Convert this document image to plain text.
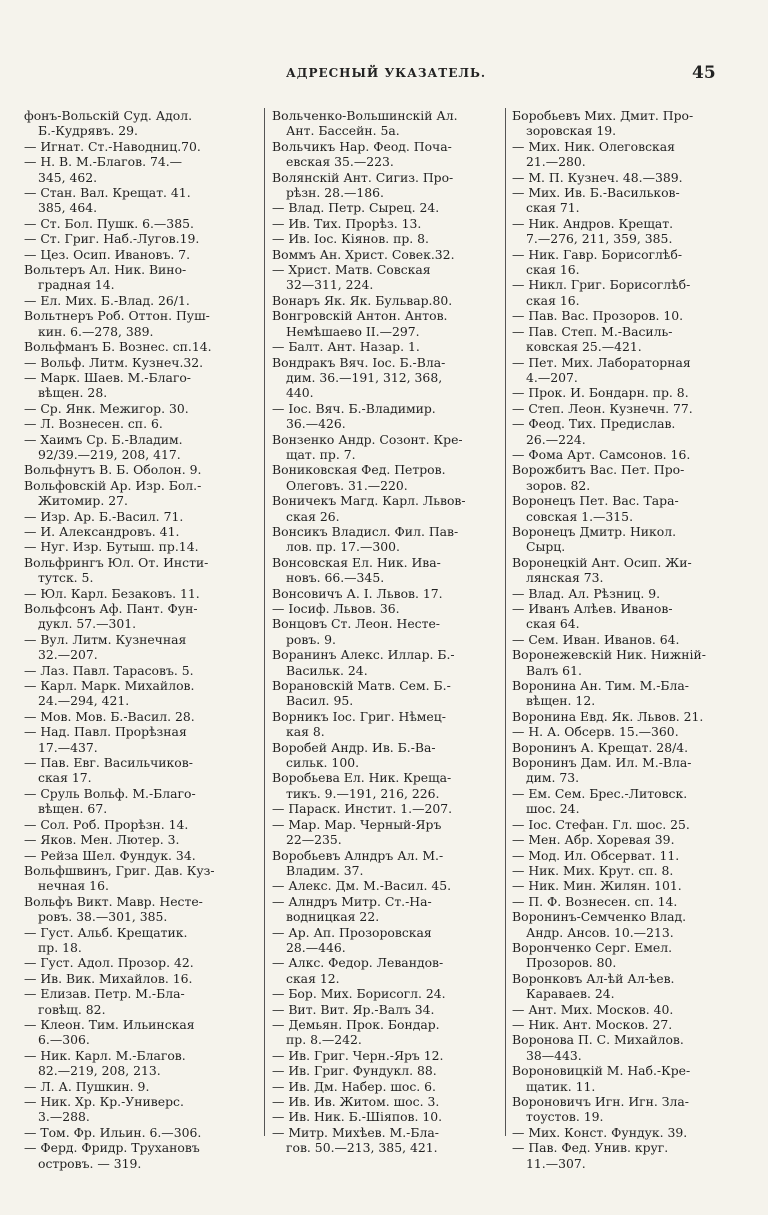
АДРЕСНЫЙ УКАЗАТЕЛЬ.	45

фонъ-Вольскій Суд. Адол.

Б.-Кудрявъ. 29.

— Игнат. Ст.-Наводниц.70.

— Н. В. М.-Благов. 74.—

345, 462.

— Стан. Вал. Крещат. 41.

385, 464.

— Ст. Бол. Пушк. 6.—385.

— Ст. Григ. Наб.-Лугов.19.

— Цез. Осип. Ивановъ. 7.

Вольтеръ Ал. Ник. Вино-

градная 14.

— Ел. Мих. Б.-Влад. 26/1.

Вольтнеръ Роб. Оттон. Пуш-

кин. 6.—278, 389.

Вольфманъ Б. Вознес. сп.14.

— Вольф. Литм. Кузнеч.32.

— Марк. Шаев. М.-Благо-

вѣщен. 28.

— Ср. Янк. Межигор. 30.

— Л. Вознесен. сп. 6.

— Хаимъ Ср. Б.-Владим.

92/39.—219, 208, 417.

Вольфнутъ В. Б. Оболон. 9.

Вольфовскій Ар. Изр. Бол.-

Житомир. 27.

— Изр. Ар. Б.-Васил. 71.

— И. Александровъ. 41.

— Нуг. Изр. Бутыш. пр.14.

Вольфрингъ Юл. От. Инсти-

тутск. 5.

— Юл. Карл. Безаковъ. 11.

Вольфсонъ Аф. Пант. Фун-

дукл. 57.—301.

— Вул. Литм. Кузнечная

32.—207.

— Лаз. Павл. Тарасовъ. 5.

— Карл. Марк. Михайлов.

24.—294, 421.

— Мов. Мов. Б.-Васил. 28.

— Над. Павл. Прорѣзная

17.—437.

— Пав. Евг. Васильчиков-

ская 17.

— Сруль Вольф. М.-Благо-

вѣщен. 67.

— Сол. Роб. Прорѣзн. 14.

— Яков. Мен. Лютер. 3.

— Рейза Шел. Фундук. 34.

Вольфшвинъ, Григ. Дав. Куз-

нечная 16.

Вольфъ Викт. Мавр. Несте-

ровъ. 38.—301, 385.

— Густ. Альб. Крещатик.

пр. 18.

— Густ. Адол. Прозор. 42.

— Ив. Вик. Михайлов. 16.

— Елизав. Петр. М.-Бла-

говѣщ. 82.

— Клеон. Тим. Ильинская

6.—306.

— Ник. Карл. М.-Благов.

82.—219, 208, 213.

— Л. А. Пушкин. 9.

— Ник. Хр. Кр.-Универс.

3.—288.

— Том. Фр. Ильин. 6.—306.

— Ферд. Фридр. Трухановъ

островъ. — 319.

Вольченко-Вольшинскій Ал.

Ант. Бассейн. 5а.

Вольчикъ Нар. Феод. Поча-

евская 35.—223.

Волянскій Ант. Сигиз. Про-

рѣзн. 28.—186.

— Влад. Петр. Сырец. 24.

— Ив. Тих. Прорѣз. 13.

— Ив. Іос. Кіянов. пр. 8.

Воммъ Ан. Христ. Совек.32.

— Христ. Матв. Совская

32—311, 224.

Вонаръ Як. Як. Бульвар.80.

Вонгровскій Антон. Антов.

Немѣшаево II.—297.

— Балт. Ант. Назар. 1.

Вондракъ Вяч. Іос. Б.-Вла-

дим. 36.—191, 312, 368,

440.

— Іос. Вяч. Б.-Владимир.

36.—426.

Вонзенко Андр. Созонт. Кре-

щат. пр. 7.

Вониковская Фед. Петров.

Олеговъ. 31.—220.

Воничекъ Магд. Карл. Львов-

ская 26.

Вонсикъ Владисл. Фил. Пав-

лов. пр. 17.—300.

Вонсовская Ел. Ник. Ива-

новъ. 66.—345.

Вонсовичъ А. І. Львов. 17.

— Іосиф. Львов. 36.

Вонцовъ Ст. Леон. Несте-

ровъ. 9.

Воранинъ Алекс. Иллар. Б.-

Васильк. 24.

Ворановскій Матв. Сем. Б.-

Васил. 95.

Ворникъ Іос. Григ. Нѣмец-

кая 8.

Воробей Андр. Ив. Б.-Ва-

сильк. 100.

Воробьева Ел. Ник. Креща-

тикъ. 9.—191, 216, 226.

— Параск. Инстит. 1.—207.

— Мар. Мар. Черный-Яръ

22—235.

Воробьевъ Алндръ Ал. М.-

Владим. 37.

— Алекс. Дм. М.-Васил. 45.

— Алндръ Митр. Ст.-На-

водницкая 22.

— Ар. Ап. Прозоровская

28.—446.

— Алкс. Федор. Левандов-

ская 12.

— Бор. Мих. Борисогл. 24.

— Вит. Вит. Яр.-Валъ 34.

— Демьян. Прок. Бондар.

пр. 8.—242.

— Ив. Григ. Черн.-Яръ 12.

— Ив. Григ. Фундукл. 88.

— Ив. Дм. Набер. шос. 6.

— Ив. Ив. Житом. шос. 3.

— Ив. Ник. Б.-Шіяпов. 10.

— Митр. Михѣев. М.-Бла-

гов. 50.—213, 385, 421.

Боробьевъ Мих. Дмит. Про-

зоровская 19.

— Мих. Ник. Олеговская

21.—280.

— М. П. Кузнеч. 48.—389.

— Мих. Ив. Б.-Васильков-

ская 71.

— Ник. Андров. Крещат.

7.—276, 211, 359, 385.

— Ник. Гавр. Борисоглѣб-

ская 16.

— Никл. Григ. Борисоглѣб-

ская 16.

— Пав. Вас. Прозоров. 10.

— Пав. Степ. М.-Василь-

ковская 25.—421.

— Пет. Мих. Лабораторная

4.—207.

— Прок. И. Бондарн. пр. 8.

— Степ. Леон. Кузнечн. 77.

— Феод. Тих. Предислав.

26.—224.

— Фома Арт. Самсонов. 16.

Ворожбитъ Вас. Пет. Про-

зоров. 82.

Воронецъ Пет. Вас. Тара-

совская 1.—315.

Воронецъ Дмитр. Никол.

Сырц.

Воронецкій Ант. Осип. Жи-

лянская 73.

— Влад. Ал. Рѣзниц. 9.

— Иванъ Алѣев. Иванов-

ская 64.

— Сем. Иван. Иванов. 64.

Воронежевскій Ник. Нижній-

Валъ 61.

Воронина Ан. Тим. М.-Бла-

вѣщен. 12.

Воронина Евд. Як. Львов. 21.

— Н. А. Обсерв. 15.—360.

Воронинъ А. Крещат. 28/4.

Воронинъ Дам. Ил. М.-Вла-

дим. 73.

— Ем. Сем. Брес.-Литовск.

шос. 24.

— Іос. Стефан. Гл. шос. 25.

— Мен. Абр. Хоревая 39.

— Мод. Ил. Обсерват. 11.

— Ник. Мих. Крут. сп. 8.

— Ник. Мин. Жилян. 101.

— П. Ф. Вознесен. сп. 14.

Воронинъ-Семченко Влад.

Андр. Ансов. 10.—213.

Воронченко Серг. Емел.

Прозоров. 80.

Воронковъ Ал-ѣй Ал-ѣев.

Караваев. 24.

— Ант. Мих. Москов. 40.

— Ник. Ант. Москов. 27.

Воронова П. С. Михайлов.

38—443.

Вороновицкій М. Наб.-Кре-

щатик. 11.

Вороновичъ Игн. Игн. Зла-

тоустов. 19.

— Мих. Конст. Фундук. 39.

— Пав. Фед. Унив. круг.

11.—307.
